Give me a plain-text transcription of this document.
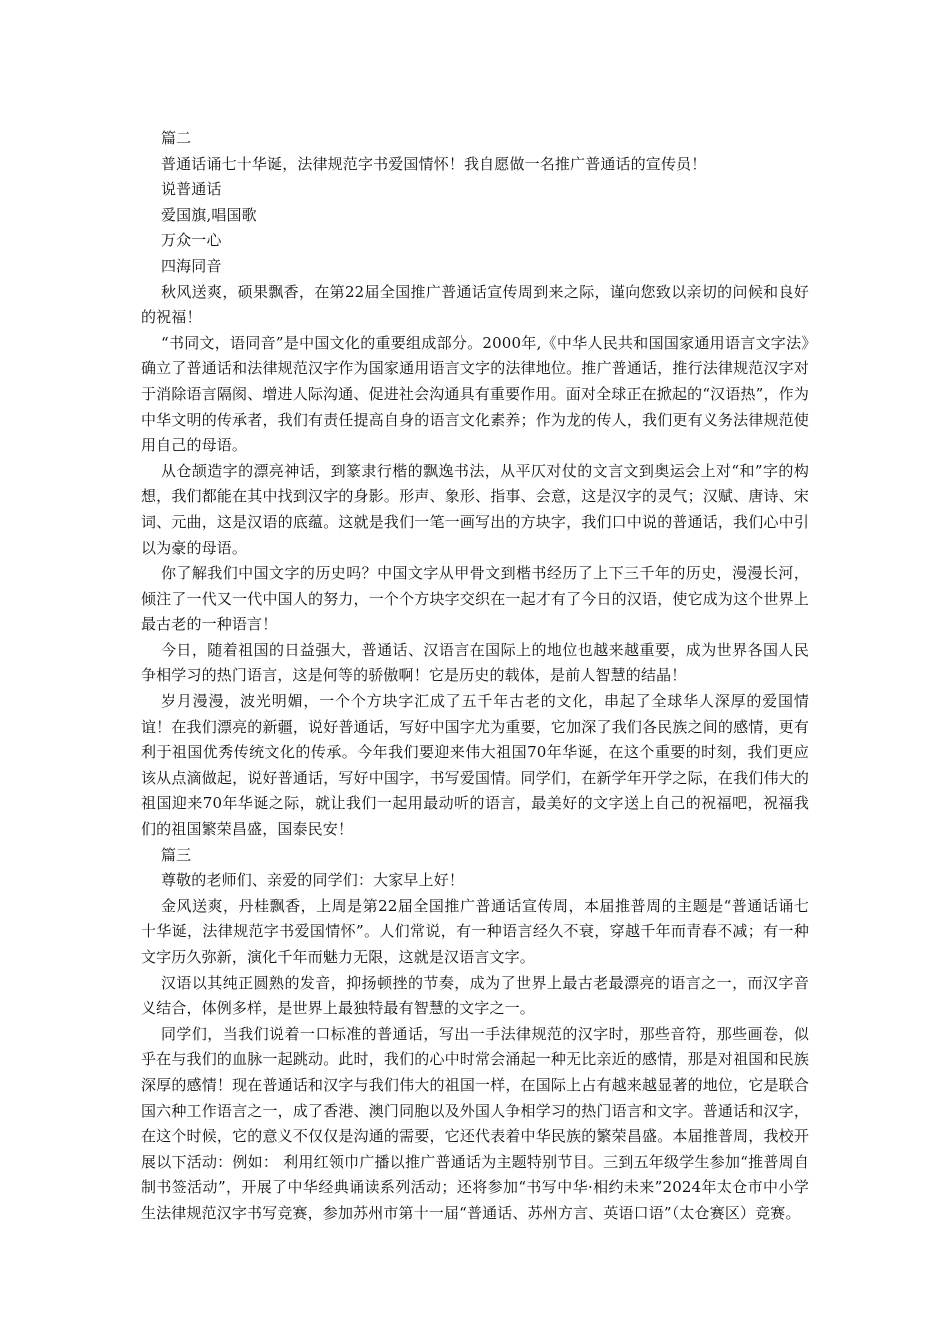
篇二

普通话诵七十华诞，法律规范字书爱国情怀！我自愿做一名推广普通话的宣传员！

说普通话

爱国旗,唱国歌

万众一心

四海同音

秋风送爽，硕果飘香，在第22届全国推广普通话宣传周到来之际，谨向您致以亲切的问候和良好的祝福！

“书同文，语同音”是中国文化的重要组成部分。2000年,《中华人民共和国国家通用语言文字法》确立了普通话和法律规范汉字作为国家通用语言文字的法律地位。推广普通话，推行法律规范汉字对于消除语言隔阂、增进人际沟通、促进社会沟通具有重要作用。面对全球正在掀起的“汉语热”，作为中华文明的传承者，我们有责任提高自身的语言文化素养；作为龙的传人，我们更有义务法律规范使用自己的母语。

从仓颉造字的漂亮神话，到篆隶行楷的飘逸书法，从平仄对仗的文言文到奥运会上对“和”字的构想，我们都能在其中找到汉字的身影。形声、象形、指事、会意，这是汉字的灵气；汉赋、唐诗、宋词、元曲，这是汉语的底蕴。这就是我们一笔一画写出的方块字，我们口中说的普通话，我们心中引以为豪的母语。

你了解我们中国文字的历史吗？中国文字从甲骨文到楷书经历了上下三千年的历史，漫漫长河，倾注了一代又一代中国人的努力，一个个方块字交织在一起才有了今日的汉语，使它成为这个世界上最古老的一种语言！

今日，随着祖国的日益强大，普通话、汉语言在国际上的地位也越来越重要，成为世界各国人民争相学习的热门语言，这是何等的骄傲啊！它是历史的载体，是前人智慧的结晶！

岁月漫漫，波光明媚，一个个方块字汇成了五千年古老的文化，串起了全球华人深厚的爱国情谊！在我们漂亮的新疆，说好普通话，写好中国字尤为重要，它加深了我们各民族之间的感情，更有利于祖国优秀传统文化的传承。今年我们要迎来伟大祖国70年华诞，在这个重要的时刻，我们更应该从点滴做起，说好普通话，写好中国字，书写爱国情。同学们，在新学年开学之际，在我们伟大的祖国迎来70年华诞之际，就让我们一起用最动听的语言，最美好的文字送上自己的祝福吧，祝福我们的祖国繁荣昌盛，国泰民安！

篇三

尊敬的老师们、亲爱的同学们：大家早上好！

金风送爽，丹桂飘香，上周是第22届全国推广普通话宣传周，本届推普周的主题是“普通话诵七十华诞，法律规范字书爱国情怀”。人们常说，有一种语言经久不衰，穿越千年而青春不减；有一种文字历久弥新，演化千年而魅力无限，这就是汉语言文字。

汉语以其纯正圆熟的发音，抑扬顿挫的节奏，成为了世界上最古老最漂亮的语言之一，而汉字音义结合，体例多样，是世界上最独特最有智慧的文字之一。

同学们，当我们说着一口标准的普通话，写出一手法律规范的汉字时，那些音符，那些画卷，似乎在与我们的血脉一起跳动。此时，我们的心中时常会涌起一种无比亲近的感情，那是对祖国和民族深厚的感情！现在普通话和汉字与我们伟大的祖国一样，在国际上占有越来越显著的地位，它是联合国六种工作语言之一，成了香港、澳门同胞以及外国人争相学习的热门语言和文字。普通话和汉字，在这个时候，它的意义不仅仅是沟通的需要，它还代表着中华民族的繁荣昌盛。本届推普周，我校开展以下活动：例如： 利用红领巾广播以推广普通话为主题特别节目。三到五年级学生参加“推普周自制书签活动”，开展了中华经典诵读系列活动；还将参加“书写中华·相约未来”2024年太仓市中小学生法律规范汉字书写竞赛，参加苏州市第十一届“普通话、苏州方言、英语口语”（太仓赛区）竞赛。
